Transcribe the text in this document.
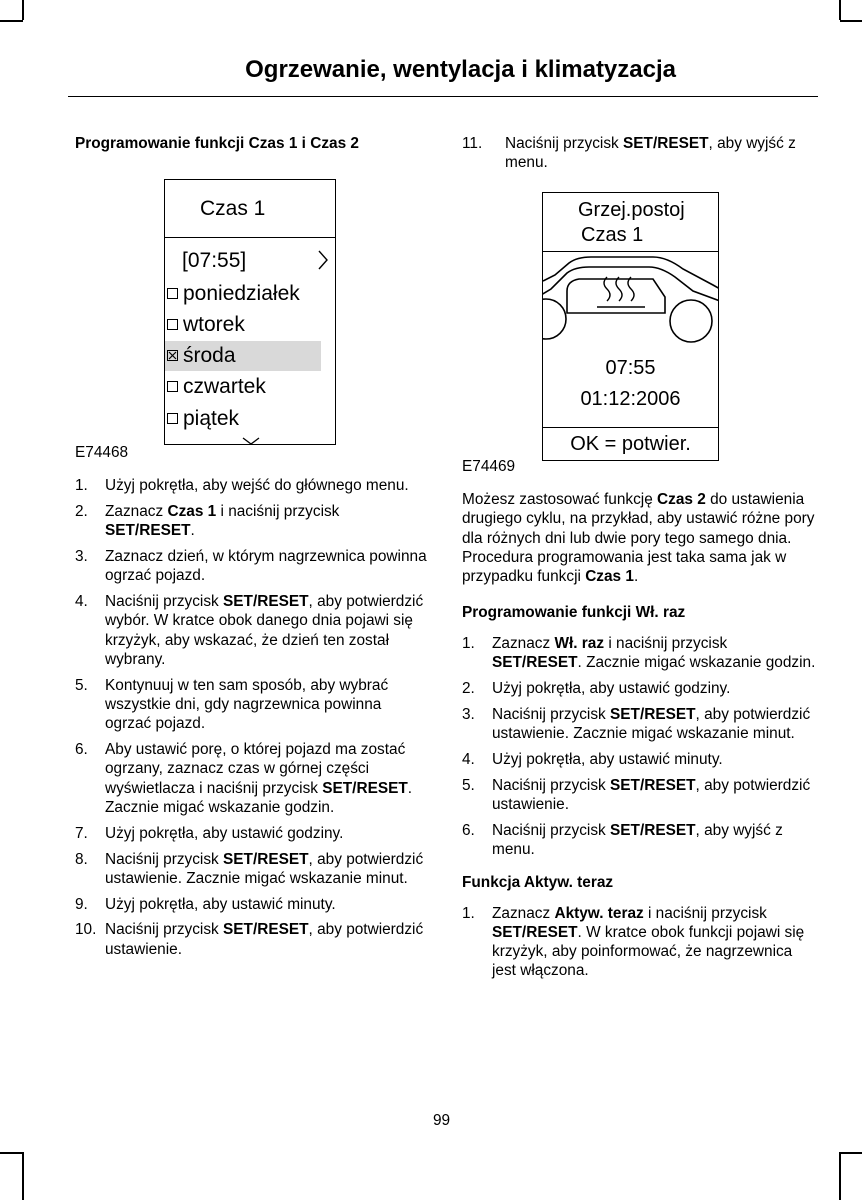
Ogrzewanie, wentylacja i klimatyzacja

Programowanie funkcji Czas 1 i Czas 2

Czas 1
[07:55]
poniedziałek
wtorek
środa
czwartek
piątek
E74468
1. Użyj pokrętła, aby wejść do głównego menu.
2. Zaznacz Czas 1 i naciśnij przycisk SET/RESET.
3. Zaznacz dzień, w którym nagrzewnica powinna ogrzać pojazd.
4. Naciśnij przycisk SET/RESET, aby potwierdzić wybór. W kratce obok danego dnia pojawi się krzyżyk, aby wskazać, że dzień ten został wybrany.
5. Kontynuuj w ten sam sposób, aby wybrać wszystkie dni, gdy nagrzewnica powinna ogrzać pojazd.
6. Aby ustawić porę, o której pojazd ma zostać ogrzany, zaznacz czas w górnej części wyświetlacza i naciśnij przycisk SET/RESET. Zacznie migać wskazanie godzin.
7. Użyj pokrętła, aby ustawić godziny.
8. Naciśnij przycisk SET/RESET, aby potwierdzić ustawienie. Zacznie migać wskazanie minut.
9. Użyj pokrętła, aby ustawić minuty.
10. Naciśnij przycisk SET/RESET, aby potwierdzić ustawienie.
11. Naciśnij przycisk SET/RESET, aby wyjść z menu.
Grzej.postoj
Czas 1
07:55
01:12:2006
OK = potwier.
E74469

Możesz zastosować funkcję Czas 2 do ustawienia drugiego cyklu, na przykład, aby ustawić różne pory dla różnych dni lub dwie pory tego samego dnia. Procedura programowania jest taka sama jak w przypadku funkcji Czas 1.

Programowanie funkcji Wł. raz

1. Zaznacz Wł. raz i naciśnij przycisk SET/RESET. Zacznie migać wskazanie godzin.
2. Użyj pokrętła, aby ustawić godziny.
3. Naciśnij przycisk SET/RESET, aby potwierdzić ustawienie. Zacznie migać wskazanie minut.
4. Użyj pokrętła, aby ustawić minuty.
5. Naciśnij przycisk SET/RESET, aby potwierdzić ustawienie.
6. Naciśnij przycisk SET/RESET, aby wyjść z menu.

Funkcja Aktyw. teraz

1. Zaznacz Aktyw. teraz i naciśnij przycisk SET/RESET. W kratce obok funkcji pojawi się krzyżyk, aby poinformować, że nagrzewnica jest włączona.
99
